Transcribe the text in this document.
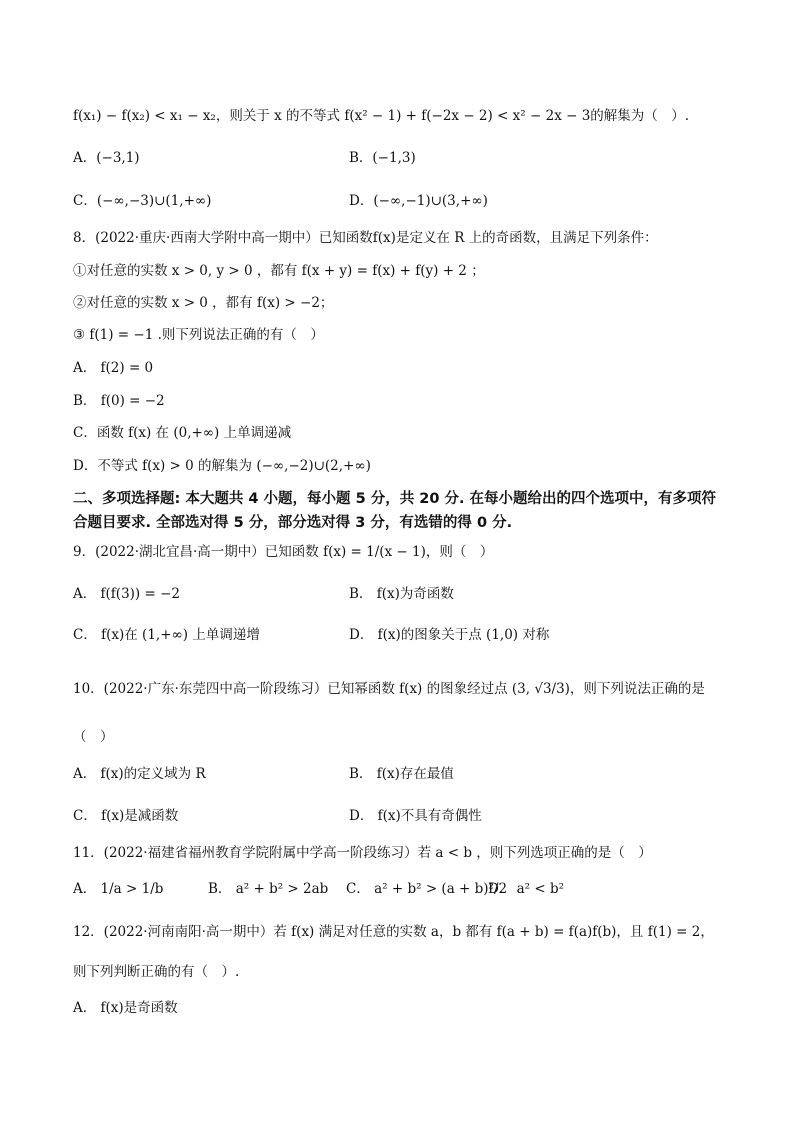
f(x₁) − f(x₂) < x₁ − x₂，则关于 x 的不等式 f(x² − 1) + f(−2x − 2) < x² − 2x − 3的解集为（　）.
A．(−3,1)	B．(−1,3)
C．(−∞,−3)∪(1,+∞)	D．(−∞,−1)∪(3,+∞)
8．(2022·重庆·西南大学附中高一期中）已知函数f(x)是定义在 R 上的奇函数，且满足下列条件：
①对任意的实数 x > 0, y > 0 ，都有 f(x + y) = f(x) + f(y) + 2 ；
②对任意的实数 x > 0 ，都有 f(x) > −2；
③ f(1) = −1 .则下列说法正确的有（　）
A． f(2) = 0
B． f(0) = −2
C．函数 f(x) 在 (0,+∞) 上单调递减
D．不等式 f(x) > 0 的解集为 (−∞,−2)∪(2,+∞)
二、多项选择题: 本大题共 4 小题，每小题 5 分，共 20 分. 在每小题给出的四个选项中，有多项符合题目要求. 全部选对得 5 分，部分选对得 3 分，有选错的得 0 分.
9．(2022·湖北宜昌·高一期中）已知函数 f(x) = 1/(x − 1)，则（　）
A． f(f(3)) = −2	B． f(x)为奇函数
C． f(x)在 (1,+∞) 上单调递增	D． f(x)的图象关于点 (1,0) 对称
10．(2022·广东·东莞四中高一阶段练习）已知幂函数 f(x) 的图象经过点 (3, √3/3)，则下列说法正确的是
（　）
A． f(x)的定义域为 R	B． f(x)存在最值
C． f(x)是减函数	D． f(x)不具有奇偶性
11．(2022·福建省福州教育学院附属中学高一阶段练习）若 a < b ，则下列选项正确的是（　）
A． 1/a > 1/b	B． a² + b² > 2ab C． a² + b² > (a + b)²/2
D． a² < b²
12．(2022·河南南阳·高一期中）若 f(x) 满足对任意的实数 a，b 都有 f(a + b) = f(a)f(b)，且 f(1) = 2，
则下列判断正确的有（　）.
A． f(x)是奇函数
